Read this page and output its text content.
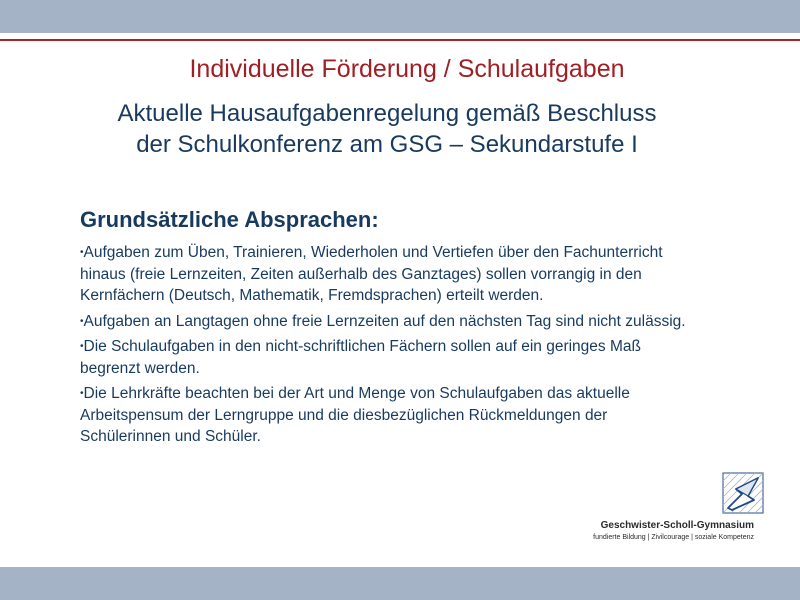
Individuelle Förderung / Schulaufgaben
Aktuelle Hausaufgabenregelung gemäß Beschluss
der Schulkonferenz am GSG – Sekundarstufe I
Grundsätzliche Absprachen:
•Aufgaben zum Üben, Trainieren, Wiederholen und Vertiefen über den Fachunterricht hinaus (freie Lernzeiten, Zeiten außerhalb des Ganztages) sollen vorrangig in den Kernfächern (Deutsch, Mathematik, Fremdsprachen) erteilt werden.
•Aufgaben an Langtagen ohne freie Lernzeiten auf den nächsten Tag sind nicht zulässig.
•Die Schulaufgaben in den nicht-schriftlichen Fächern sollen auf ein geringes Maß begrenzt werden.
•Die Lehrkräfte beachten bei der Art und Menge von Schulaufgaben das aktuelle Arbeitspensum der Lerngruppe und die diesbezüglichen Rückmeldungen der Schülerinnen und Schüler.
Geschwister-Scholl-Gymnasium
fundierte Bildung | Zivilcourage | soziale Kompetenz
